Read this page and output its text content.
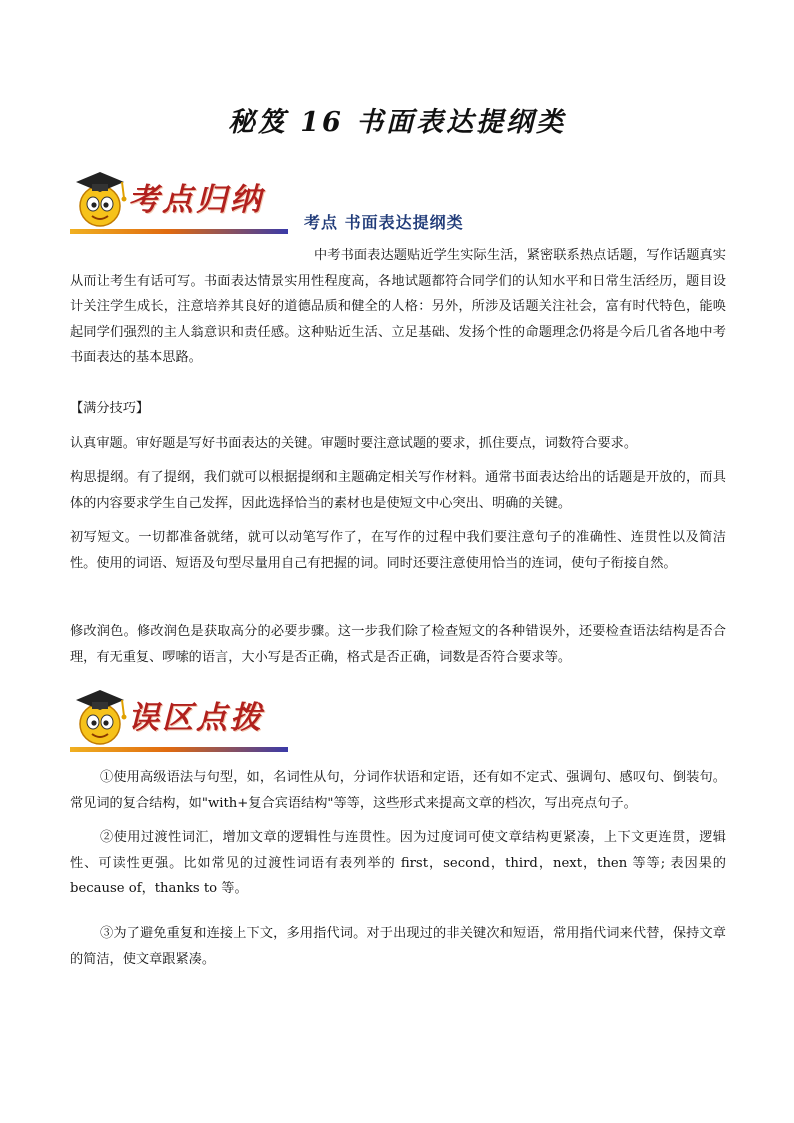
秘笈 16 书面表达提纲类
考点归纳
考点 书面表达提纲类

中考书面表达题贴近学生实际生活，紧密联系热点话题，写作话题真实从而让考生有话可写。书面表达情景实用性程度高，各地试题都符合同学们的认知水平和日常生活经历，题目设计关注学生成长，注意培养其良好的道德品质和健全的人格：另外，所涉及话题关注社会，富有时代特色，能唤起同学们强烈的主人翁意识和责任感。这种贴近生活、立足基础、发扬个性的命题理念仍将是今后几省各地中考书面表达的基本思路。

【满分技巧】

认真审题。审好题是写好书面表达的关键。审题时要注意试题的要求，抓住要点，词数符合要求。

构思提纲。有了提纲，我们就可以根据提纲和主题确定相关写作材料。通常书面表达给出的话题是开放的，而具体的内容要求学生自己发挥，因此选择恰当的素材也是使短文中心突出、明确的关键。

初写短文。一切都准备就绪，就可以动笔写作了，在写作的过程中我们要注意句子的准确性、连贯性以及简洁性。使用的词语、短语及句型尽量用自己有把握的词。同时还要注意使用恰当的连词，使句子衔接自然。

修改润色。修改润色是获取高分的必要步骤。这一步我们除了检查短文的各种错误外，还要检查语法结构是否合理，有无重复、啰嗦的语言，大小写是否正确，格式是否正确，词数是否符合要求等。

误区点拨

①使用高级语法与句型，如，名词性从句，分词作状语和定语，还有如不定式、强调句、感叹句、倒装句。常见词的复合结构，如"with+复合宾语结构"等等，这些形式来提高文章的档次，写出亮点句子。

②使用过渡性词汇，增加文章的逻辑性与连贯性。因为过度词可使文章结构更紧凑，上下文更连贯，逻辑性、可读性更强。比如常见的过渡性词语有表列举的 first，second，third，next，then 等等; 表因果的 because of，thanks to 等。

③为了避免重复和连接上下文，多用指代词。对于出现过的非关键次和短语，常用指代词来代替，保持文章的简洁，使文章跟紧凑。
